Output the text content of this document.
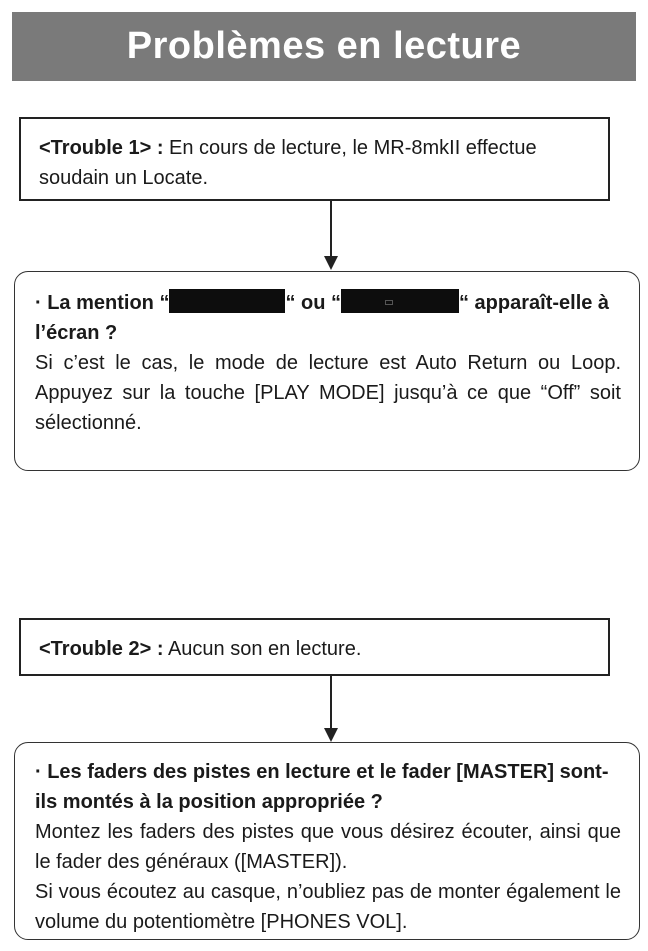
Problèmes en lecture
<Trouble 1> : En cours de lecture, le MR-8mkII effectue soudain un Locate.
· La mention “	“ ou “	“ apparaît-elle à l’écran ?
Si c’est le cas, le mode de lecture est Auto Return ou Loop. Appuyez sur la touche [PLAY MODE] jusqu’à ce que “Off” soit sélectionné.
<Trouble 2> : Aucun son en lecture.
· Les faders des pistes en lecture et le fader [MASTER] sont-ils montés à la position appropriée ?
Montez les faders des pistes que vous désirez écouter, ainsi que le fader des généraux ([MASTER]).
Si vous écoutez au casque, n’oubliez pas de monter également le volume du potentiomètre [PHONES VOL].
